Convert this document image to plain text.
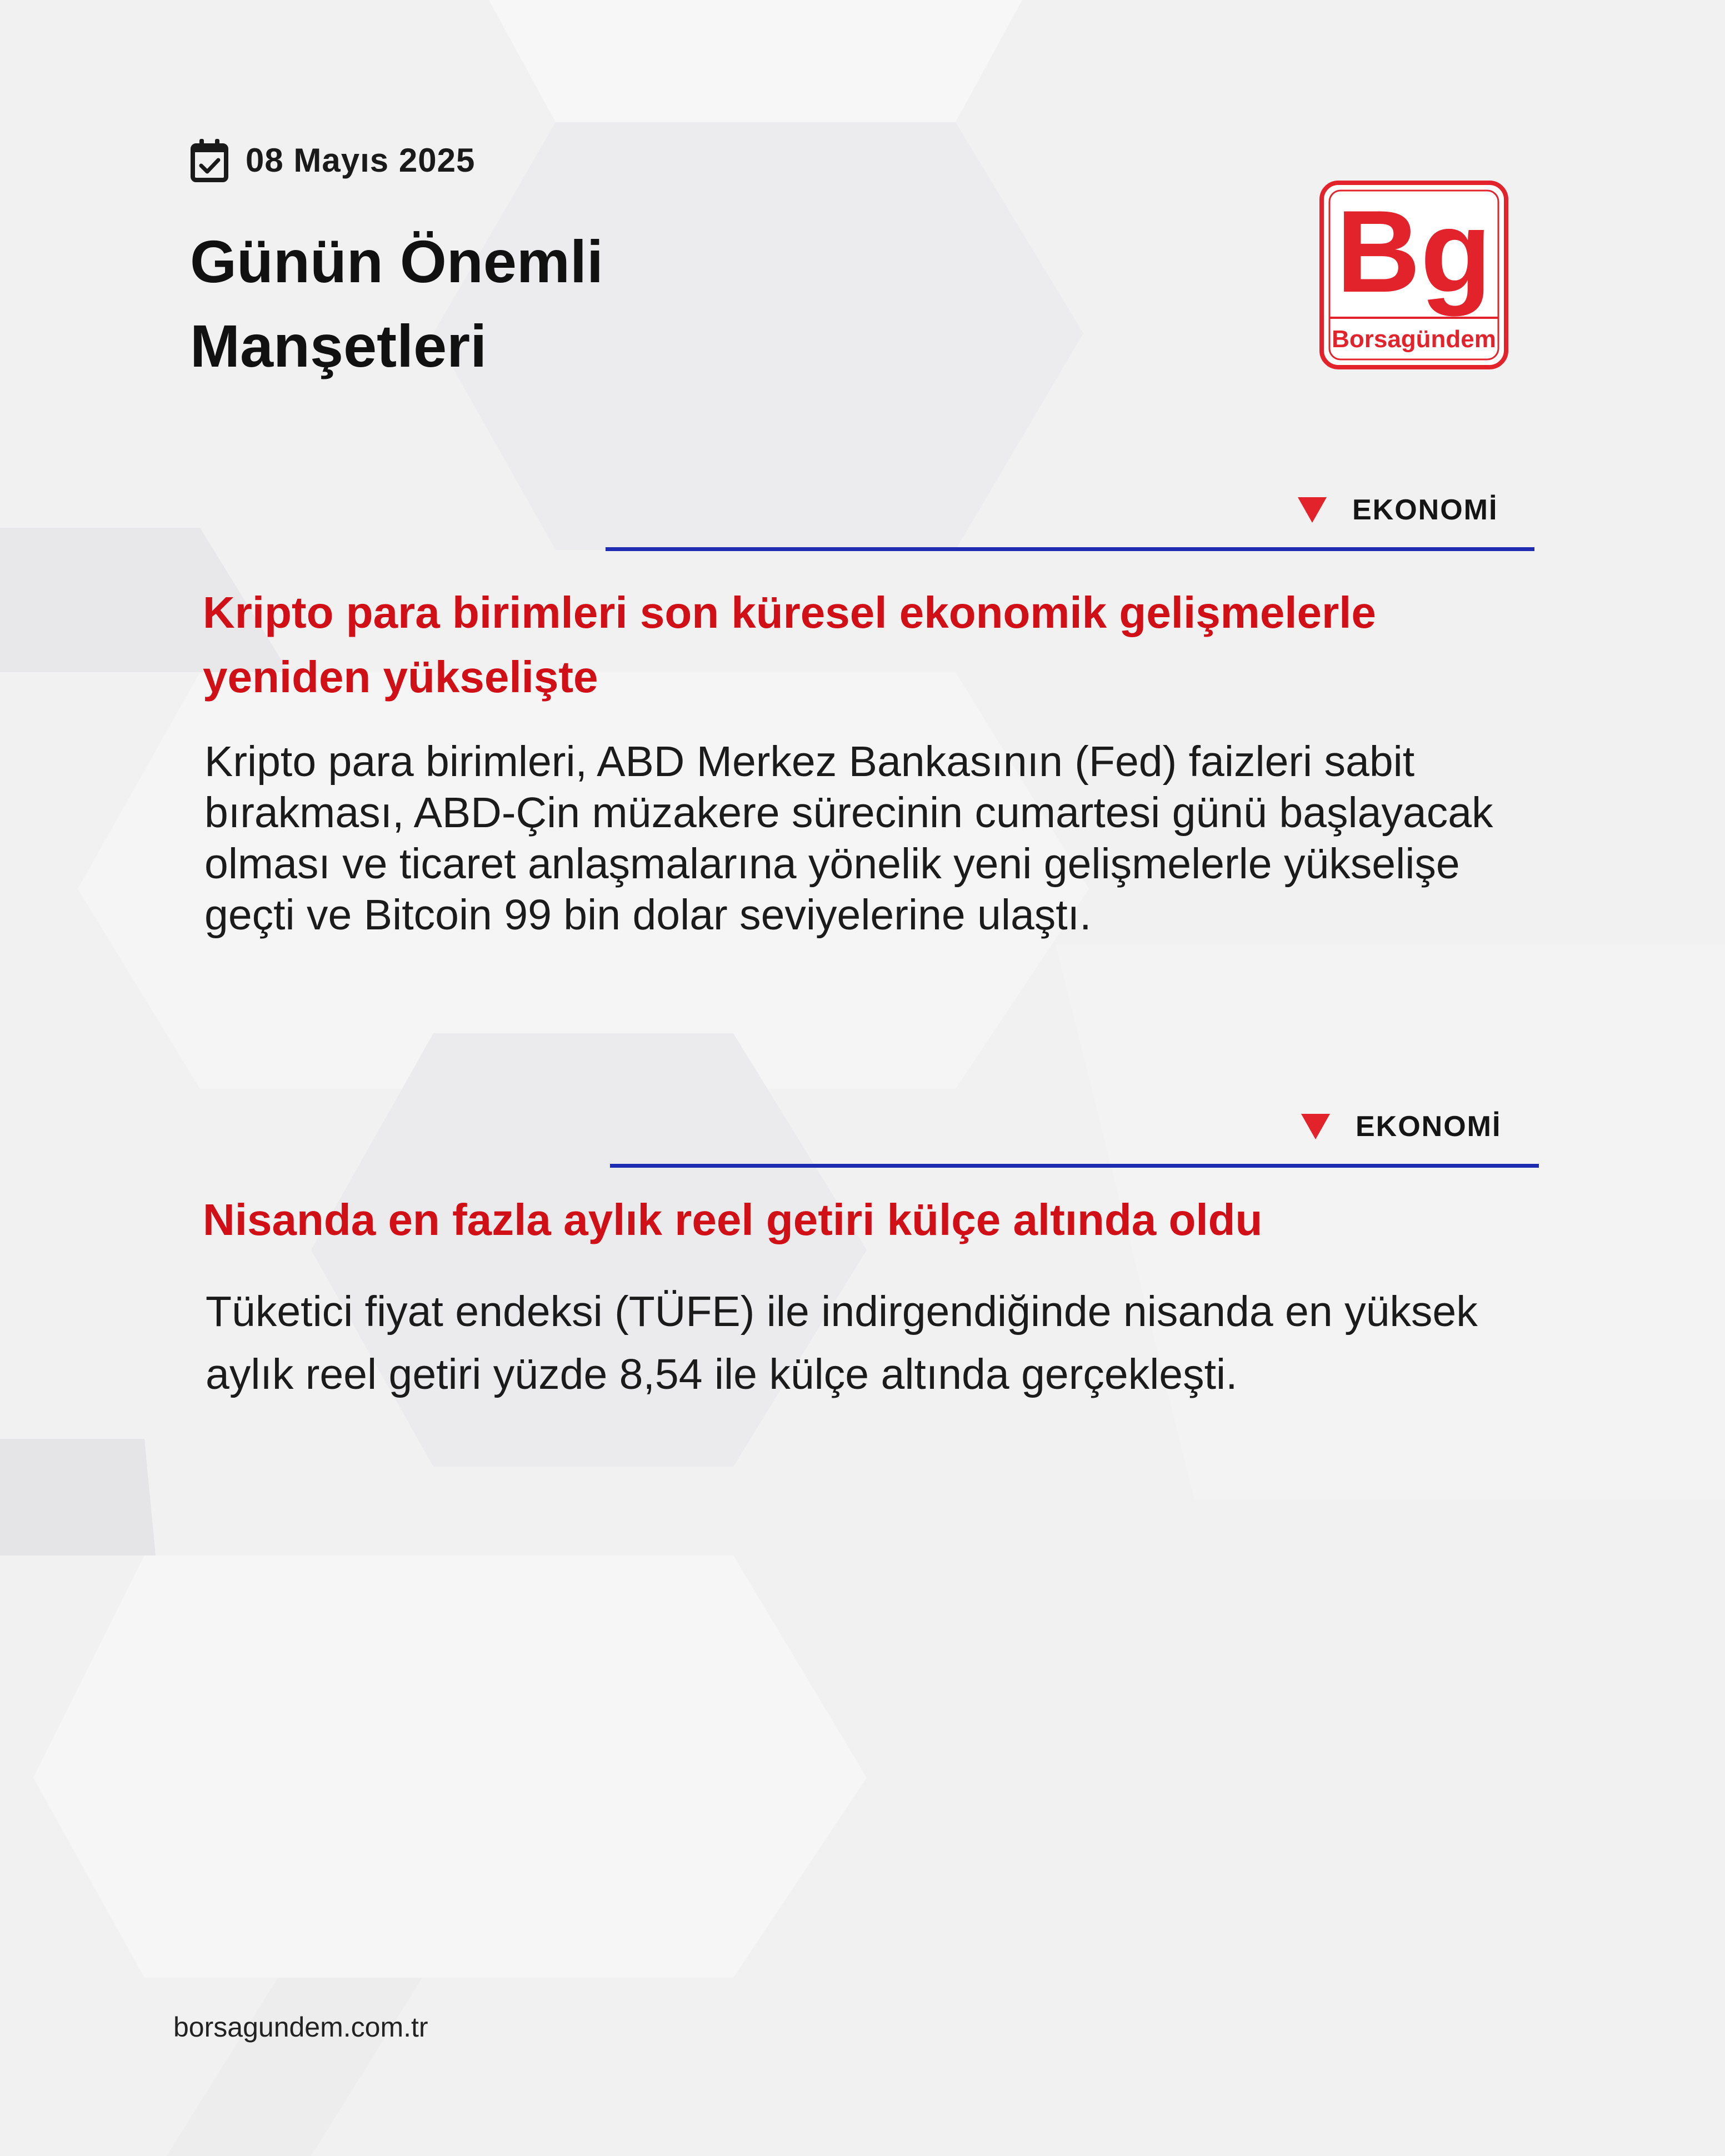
08 Mayıs 2025
Günün Önemli Manşetleri
Bg
Borsagündem
EKONOMİ
Kripto para birimleri son küresel ekonomik gelişmelerle yeniden yükselişte

Kripto para birimleri, ABD Merkez Bankasının (Fed) faizleri sabit bırakması, ABD-Çin müzakere sürecinin cumartesi günü başlayacak olması ve ticaret anlaşmalarına yönelik yeni gelişmelerle yükselişe geçti ve Bitcoin 99 bin dolar seviyelerine ulaştı.

EKONOMİ
Nisanda en fazla aylık reel getiri külçe altında oldu

Tüketici fiyat endeksi (TÜFE) ile indirgendiğinde nisanda en yüksek aylık reel getiri yüzde 8,54 ile külçe altında gerçekleşti.

borsagundem.com.tr
